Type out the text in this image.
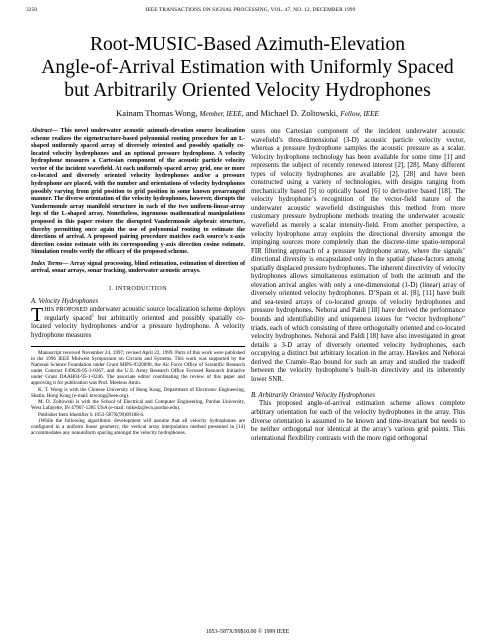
3250	IEEE TRANSACTIONS ON SIGNAL PROCESSING, VOL. 47, NO. 12, DECEMBER 1999
Root-MUSIC-Based Azimuth-Elevation
Angle-of-Arrival Estimation with Uniformly Spaced
but Arbitrarily Oriented Velocity Hydrophones
Kainam Thomas Wong, Member, IEEE, and Michael D. Zoltowski, Fellow, IEEE

Abstract— This novel underwater acoustic azimuth-elevation source localization scheme realizes the eigenstructure-based polynomial rooting procedure for an L-shaped uniformly spaced array of diversely oriented and possibly spatially co-located velocity hydrophones and an optional pressure hydrophone. A velocity hydrophone measures a Cartesian component of the acoustic particle velocity vector of the incident wavefield. At each uniformly spaced array grid, one or more co-located and diversely oriented velocity hydrophones and/or a pressure hydrophone are placed, with the number and orientations of velocity hydrophones possibly varying from grid position to grid position in some known prearranged manner. The diverse orientation of the velocity hydrophones, however, disrupts the Vandermonde array manifold structure in each of the two uniform-linear-array legs of the L-shaped array. Nonetheless, ingenuous mathematical manipulations proposed in this paper restore the disrupted Vandermonde algebraic structure, thereby permitting once again the use of polynomial rooting to estimate the directions of arrival. A proposed pairing procedure matches each source’s x-axis direction cosine estimate with its corresponding y-axis direction cosine estimate. Simulation results verify the efficacy of the proposed scheme.

Index Terms— Array signal processing, blind estimation, estimation of direction of arrival, sonar arrays, sonar tracking, underwater acoustic arrays.

I. INTRODUCTION
A. Velocity Hydrophones

THIS PROPOSED underwater acoustic source localization scheme deploys regularly spaced$^1$ but arbitrarily oriented and possibly spatially co-located velocity hydrophones and/or a pressure hydrophone. A velocity hydrophone measures

Manuscript received November 24, 1997; revised April 22, 1999. Parts of this work were published in the 1996 IEEE Midwest Symposium on Circuits and Systems. This work was supported by the National Science Foundation under Grant MIPS-9320890, the Air Force Office of Scientific Research under Contract F49620-95-1-0367, and the U.S. Army Research Office Focused Research Initiative under Grant DAAH04-95-1-0246. The associate editor coordinating the review of this paper and approving it for publication was Prof. Meeteus Amin.

K. T. Wong is with the Chinese University of Hong Kong, Department of Electronic Engineering, Shatin, Hong Kong (e-mail: ktwong@ieee.org).

M. D. Zoltowski is with the School of Electrical and Computer Engineering, Purdue University, West Lafayette, IN 47907-1285 USA (e-mail: mikedz@ecn.purdue.edu).

Publisher Item Identifier S 1053-587X(99)09188-6.

1While the following algorithmic development will assume that all velocity hydrophones are configured in a uniform linear geometry, the vertical array interpolation method presented in [14] accommodates any nonuniform spacing amongst the velocity hydrophones.

sures one Cartesian component of the incident underwater acoustic wavefield’s three-dimensional (3-D) acoustic particle velocity vector, whereas a pressure hydrophone samples the acoustic pressure as a scalar. Velocity hydrophone technology has been available for some time [1] and represents the subject of recently renewed interest [2], [28]. Many different types of velocity hydrophones are available [2], [28] and have been constructed using a variety of technologies, with designs ranging from mechanically based [5] to optically based [6] to derivative based [18]. The velocity hydrophone’s recognition of the vector-field nature of the underwater acoustic wavefield distinguishes this method from more customary pressure hydrophone methods treating the underwater acoustic wavefield as merely a scalar intensity-field. From another perspective, a velocity hydrophone array exploits the directional diversity amongst the impinging sources more completely than the discrete-time spatio-temporal FIR filtering approach of a pressure hydrophone array, where the signals’ directional diversity is encapsulated only in the spatial phase-factors among spatially displaced pressure hydrophones. The inherent directivity of velocity hydrophones allows simultaneous estimation of both the azimuth and the elevation arrival angles with only a one-dimensional (1-D) (linear) array of diversely oriented velocity hydrophones. D’Spain et al. [8], [11] have built and sea-tested arrays of co-located groups of velocity hydrophones and pressure hydrophones. Nehorai and Paldi [18] have derived the performance bounds and identifiability and uniqueness issues for “vector hydrophone” triads, each of which consisting of three orthogonally oriented and co-located velocity hydrophones. Nehorai and Paldi [18] have also investigated in great details a 3-D array of diversely oriented velocity hydrophones, each occupying a distinct but arbitrary location in the array. Hawkes and Nehorai derived the Cramér–Rao bound for such an array and studied the tradeoff between the velocity hydrophone’s built-in directivity and its inherently lower SNR.

B. Arbitrarily Oriented Velocity Hydrophones

This proposed angle-of-arrival estimation scheme allows complete arbitrary orientation for each of the velocity hydrophones in the array. This diverse orientation is assumed to be known and time-invariant but needs to be neither orthogonal nor identical at the array’s various grid points. This orientational flexibility contrasts with the more rigid orthogonal

1053–587X/99$10.00 © 1999 IEEE
